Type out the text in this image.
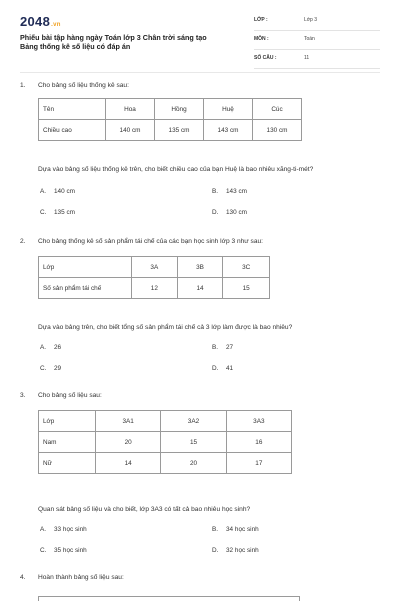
2048.vn
Phiếu bài tập hàng ngày Toán lớp 3 Chân trời sáng tạo
Bảng thống kê số liệu có đáp án
LỚP :	Lớp 3
MÔN :	Toán
SỐ CÂU :	11
1. Cho bảng số liệu thống kê sau:
Tên	Hoa	Hồng	Huệ	Cúc
Chiều cao	140 cm	135 cm	143 cm	130 cm
Dựa vào bảng số liệu thống kê trên, cho biết chiều cao của bạn Huệ là bao nhiêu xăng-ti-mét?
A. 140 cm	B. 143 cm
C. 135 cm	D. 130 cm
2. Cho bảng thống kê số sản phẩm tái chế của các bạn học sinh lớp 3 như sau:
Lớp	3A	3B	3C
Số sản phẩm tái chế	12	14	15
Dựa vào bảng trên, cho biết tổng số sản phẩm tái chế cả 3 lớp làm được là bao nhiêu?
A. 26	B. 27
C. 29	D. 41
3. Cho bảng số liệu sau:
Lớp	3A1	3A2	3A3
Nam	20	15	16
Nữ	14	20	17
Quan sát bảng số liệu và cho biết, lớp 3A3 có tất cả bao nhiêu học sinh?
A. 33 học sinh	B. 34 học sinh
C. 35 học sinh	D. 32 học sinh
4. Hoàn thành bảng số liệu sau:
